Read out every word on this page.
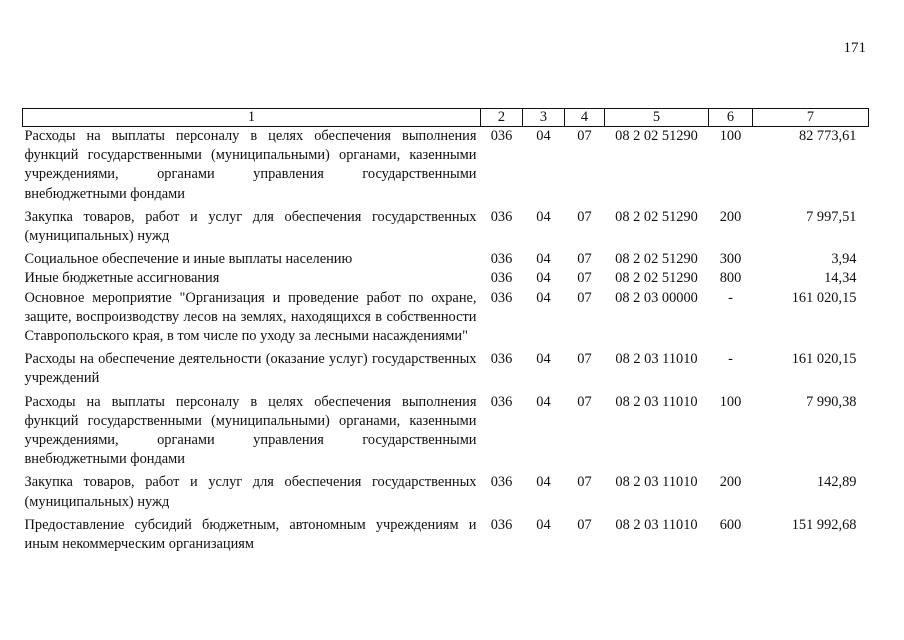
171
1	2	3	4	5	6	7
Расходы на выплаты персоналу в целях обеспечения выполнения функций государственными (муниципальными) органами, казенными учреждениями, органами управления государственными внебюджетными фондами	036	04	07	08 2 02 51290	100	82 773,61
Закупка товаров, работ и услуг для обеспечения государственных (муниципальных) нужд	036	04	07	08 2 02 51290	200	7 997,51
Социальное обеспечение и иные выплаты населению	036	04	07	08 2 02 51290	300	3,94
Иные бюджетные ассигнования	036	04	07	08 2 02 51290	800	14,34
Основное мероприятие "Организация и проведение работ по охране, защите, воспроизводству лесов на землях, находящихся в собственности Ставропольского края, в том числе по уходу за лесными насаждениями"	036	04	07	08 2 03 00000	-	161 020,15
Расходы на обеспечение деятельности (оказание услуг) государственных учреждений	036	04	07	08 2 03 11010	-	161 020,15
Расходы на выплаты персоналу в целях обеспечения выполнения функций государственными (муниципальными) органами, казенными учреждениями, органами управления государственными внебюджетными фондами	036	04	07	08 2 03 11010	100	7 990,38
Закупка товаров, работ и услуг для обеспечения государственных (муниципальных) нужд	036	04	07	08 2 03 11010	200	142,89
Предоставление субсидий бюджетным, автономным учреждениям и иным некоммерческим организациям	036	04	07	08 2 03 11010	600	151 992,68
